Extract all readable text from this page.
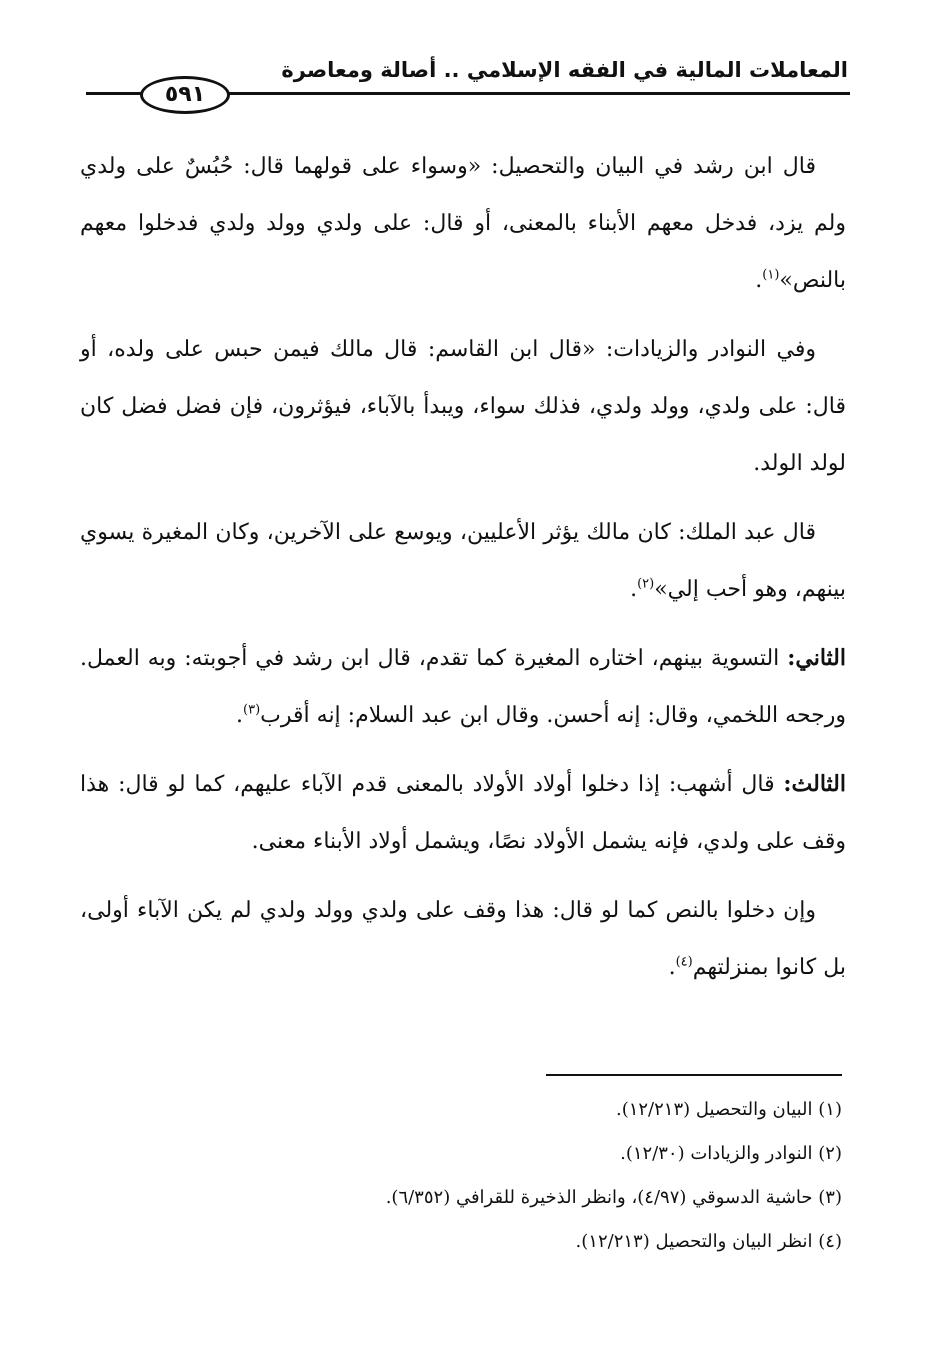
المعاملات المالية في الفقه الإسلامي .. أصالة ومعاصرة
٥٩١

قال ابن رشد في البيان والتحصيل: «وسواء على قولهما قال: حُبُسٌ على ولدي ولم يزد، فدخل معهم الأبناء بالمعنى، أو قال: على ولدي وولد ولدي فدخلوا معهم بالنص»$^{(١)}$.

وفي النوادر والزيادات: «قال ابن القاسم: قال مالك فيمن حبس على ولده، أو قال: على ولدي، وولد ولدي، فذلك سواء، ويبدأ بالآباء، فيؤثرون، فإن فضل فضل كان لولد الولد.

قال عبد الملك: كان مالك يؤثر الأعليين، ويوسع على الآخرين، وكان المغيرة يسوي بينهم، وهو أحب إلي»$^{(٢)}$.

الثاني: التسوية بينهم، اختاره المغيرة كما تقدم، قال ابن رشد في أجوبته: وبه العمل. ورجحه اللخمي، وقال: إنه أحسن. وقال ابن عبد السلام: إنه أقرب$^{(٣)}$.

الثالث: قال أشهب: إذا دخلوا أولاد الأولاد بالمعنى قدم الآباء عليهم، كما لو قال: هذا وقف على ولدي، فإنه يشمل الأولاد نصًا، ويشمل أولاد الأبناء معنى.

وإن دخلوا بالنص كما لو قال: هذا وقف على ولدي وولد ولدي لم يكن الآباء أولى، بل كانوا بمنزلتهم$^{(٤)}$.

(١) البيان والتحصيل (١٢/٢١٣).
(٢) النوادر والزيادات (١٢/٣٠).
(٣) حاشية الدسوقي (٤/٩٧)، وانظر الذخيرة للقرافي (٦/٣٥٢).
(٤) انظر البيان والتحصيل (١٢/٢١٣).
